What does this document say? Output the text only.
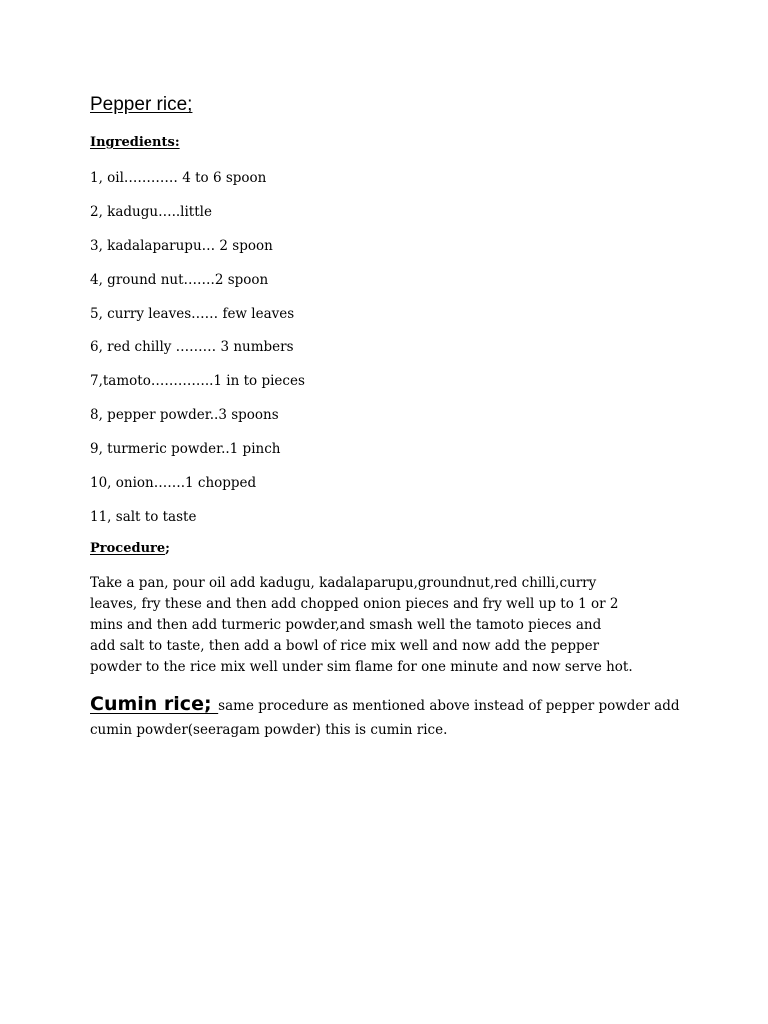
Pepper rice;
Ingredients:
1, oil………… 4 to 6 spoon
2, kadugu…..little
3, kadalaparupu… 2 spoon
4, ground nut…….2 spoon
5, curry leaves…… few leaves
6, red chilly ……… 3 numbers
7,tamoto…………..1 in to pieces
8, pepper powder..3 spoons
9, turmeric powder..1 pinch
10, onion…….1 chopped
11, salt to taste
Procedure;
Take a pan, pour oil add kadugu, kadalaparupu,groundnut,red chilli,curry
leaves, fry these and then add chopped onion pieces and fry well up to 1 or 2
mins and then add turmeric powder,and smash well the tamoto pieces and
add salt to taste, then add a bowl of rice mix well and now add the pepper
powder to the rice mix well under sim flame for one minute and now serve hot.
Cumin rice; same procedure as mentioned above instead of pepper powder add cumin powder(seeragam powder) this is cumin rice.
